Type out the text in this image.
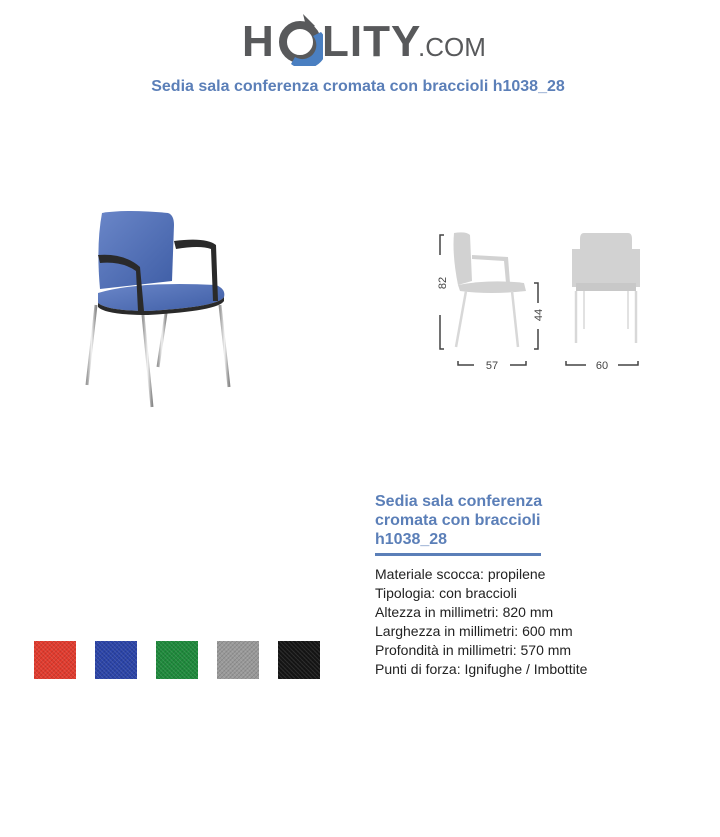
H LITY
.COM
Sedia sala conferenza cromata con braccioli h1038_28
82
44
57	60
Sedia sala conferenza cromata con braccioli h1038_28
Materiale scocca: propilene
Tipologia: con braccioli
Altezza in millimetri: 820 mm
Larghezza in millimetri: 600 mm
Profondità in millimetri: 570 mm
Punti di forza: Ignifughe / Imbottite
